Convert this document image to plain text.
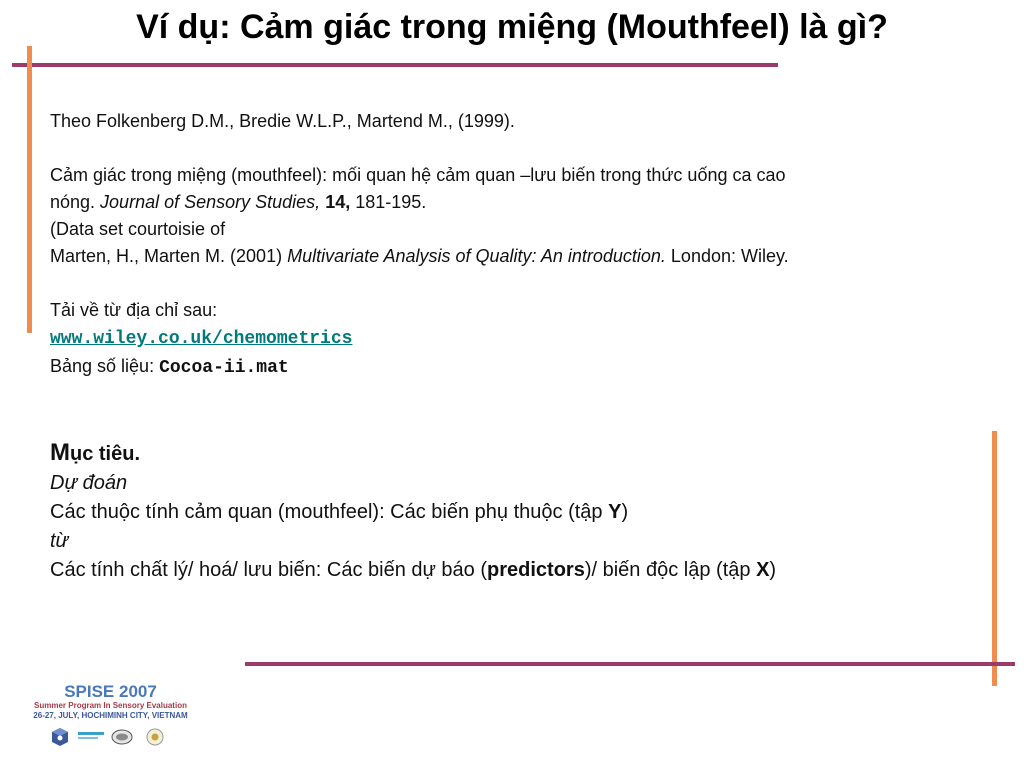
Ví dụ: Cảm giác trong miệng (Mouthfeel) là gì?

Theo Folkenberg D.M., Bredie W.L.P., Martend M., (1999).

Cảm giác trong miệng (mouthfeel): mối quan hệ cảm quan –lưu biến trong thức uống ca cao

nóng. Journal of Sensory Studies, 14, 181-195.

(Data set courtoisie of

Marten, H., Marten M. (2001) Multivariate Analysis of Quality: An introduction. London: Wiley.

Tải về từ địa chỉ sau:

www.wiley.co.uk/chemometrics

Bảng số liệu: Cocoa-ii.mat

Mục tiêu.

Dự đoán

Các thuộc tính cảm quan (mouthfeel): Các biến phụ thuộc (tập Y)

từ

Các tính chất lý/ hoá/ lưu biến: Các biến dự báo (predictors)/ biến độc lập (tập X)

SPISE 2007
Summer Program In Sensory Evaluation
26-27, JULY, HOCHIMINH CITY, VIETNAM
